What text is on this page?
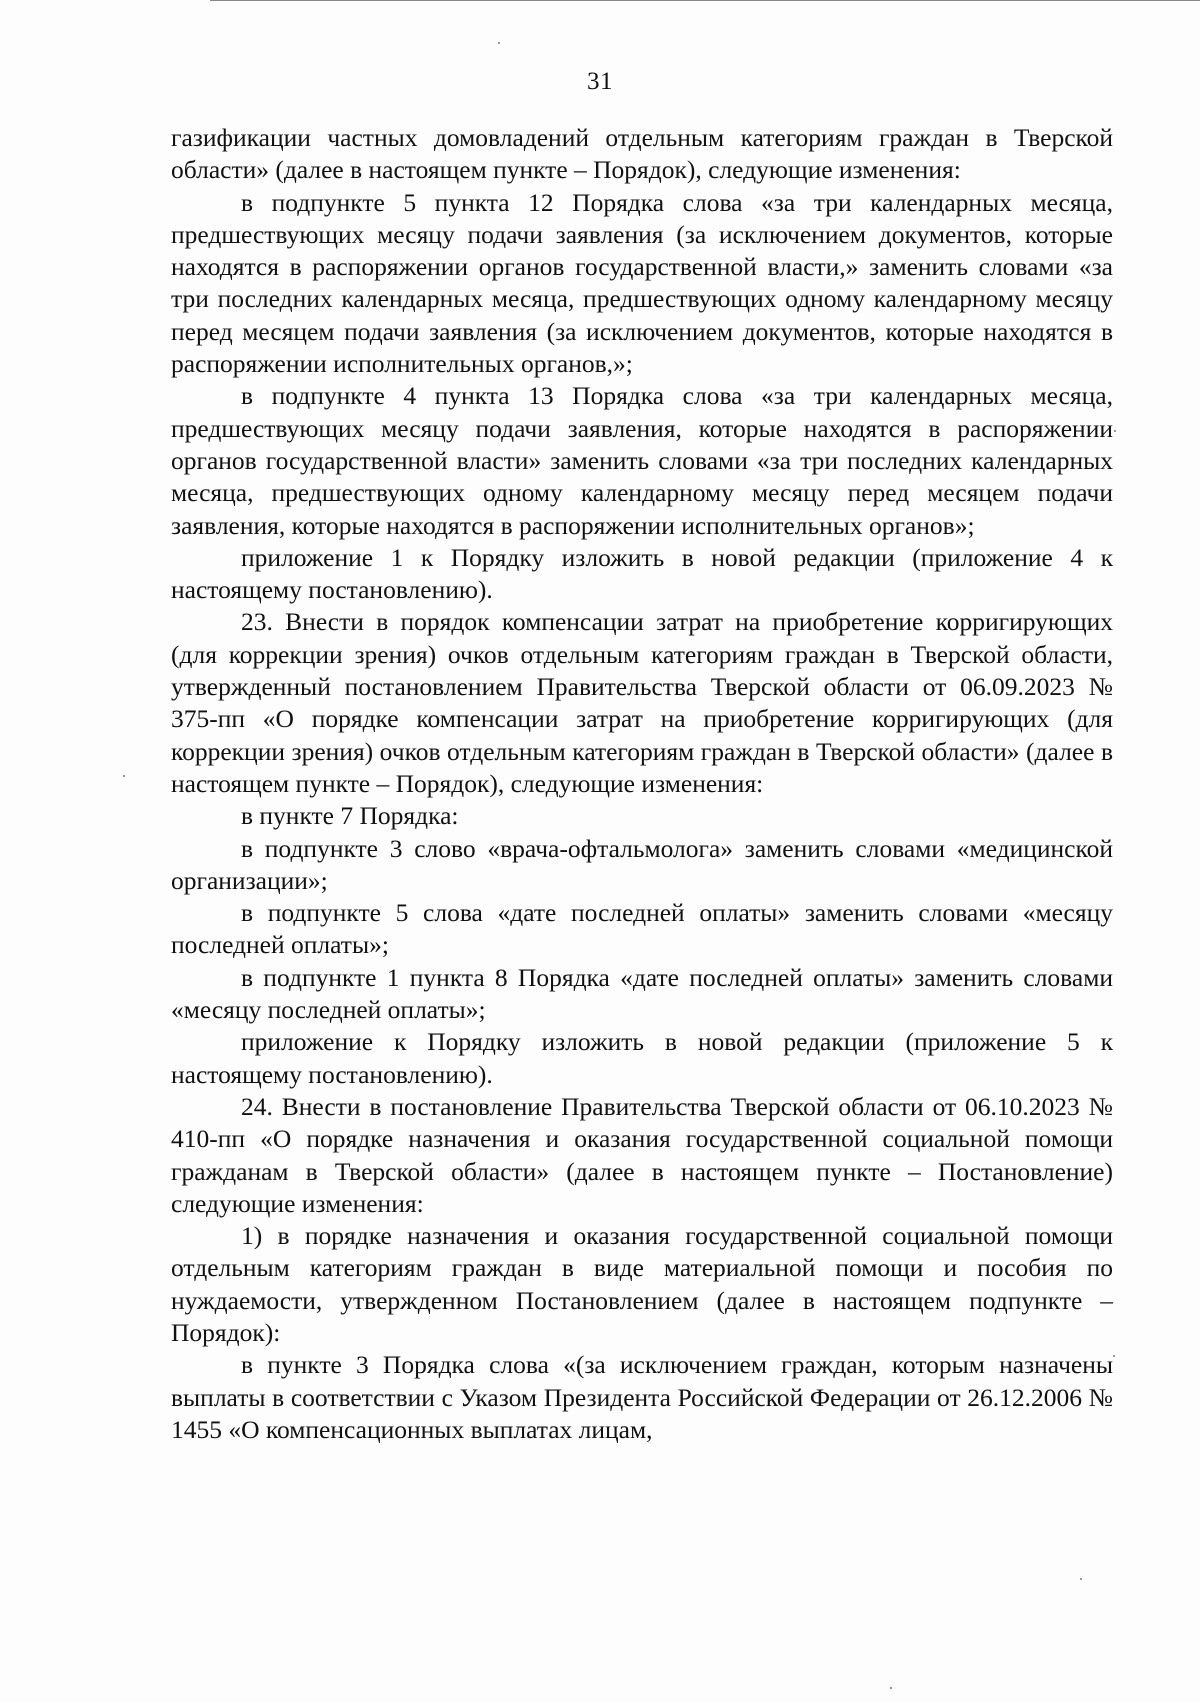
31

газификации частных домовладений отдельным категориям граждан в Тверской области» (далее в настоящем пункте – Порядок), следующие изменения:

в подпункте 5 пункта 12 Порядка слова «за три календарных месяца, предшествующих месяцу подачи заявления (за исключением документов, которые находятся в распоряжении органов государственной власти,» заменить словами «за три последних календарных месяца, предшествующих одному календарному месяцу перед месяцем подачи заявления (за исключением документов, которые находятся в распоряжении исполнительных органов,»;

в подпункте 4 пункта 13 Порядка слова «за три календарных месяца, предшествующих месяцу подачи заявления, которые находятся в распоряжении органов государственной власти» заменить словами «за три последних календарных месяца, предшествующих одному календарному месяцу перед месяцем подачи заявления, которые находятся в распоряжении исполнительных органов»;

приложение 1 к Порядку изложить в новой редакции (приложение 4 к настоящему постановлению).

23. Внести в порядок компенсации затрат на приобретение корригирующих (для коррекции зрения) очков отдельным категориям граждан в Тверской области, утвержденный постановлением Правительства Тверской области от 06.09.2023 № 375-пп «О порядке компенсации затрат на приобретение корригирующих (для коррекции зрения) очков отдельным категориям граждан в Тверской области» (далее в настоящем пункте – Порядок), следующие изменения:

в пункте 7 Порядка:

в подпункте 3 слово «врача-офтальмолога» заменить словами «медицинской организации»;

в подпункте 5 слова «дате последней оплаты» заменить словами «месяцу последней оплаты»;

в подпункте 1 пункта 8 Порядка «дате последней оплаты» заменить словами «месяцу последней оплаты»;

приложение к Порядку изложить в новой редакции (приложение 5 к настоящему постановлению).

24. Внести в постановление Правительства Тверской области от 06.10.2023 № 410-пп «О порядке назначения и оказания государственной социальной помощи гражданам в Тверской области» (далее в настоящем пункте – Постановление) следующие изменения:

1) в порядке назначения и оказания государственной социальной помощи отдельным категориям граждан в виде материальной помощи и пособия по нуждаемости, утвержденном Постановлением (далее в настоящем подпункте – Порядок):

в пункте 3 Порядка слова «(за исключением граждан, которым назначены выплаты в соответствии с Указом Президента Российской Федерации от 26.12.2006 № 1455 «О компенсационных выплатах лицам,
